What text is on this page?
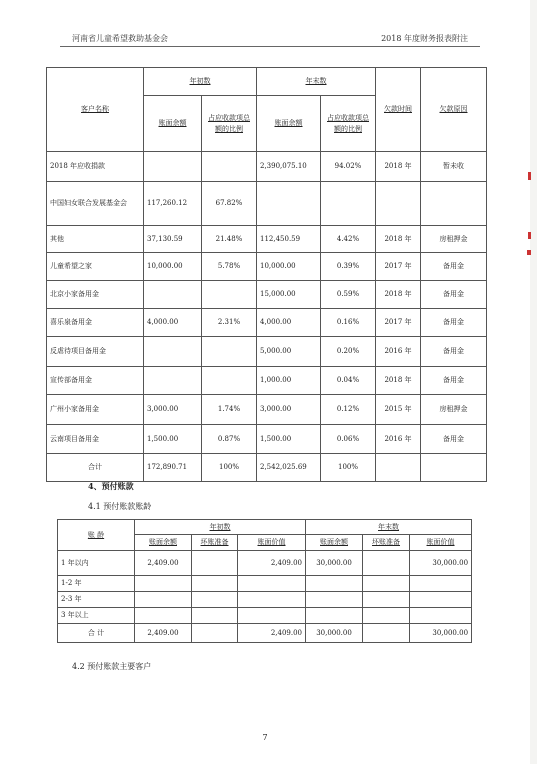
河南省儿童希望救助基金会	2018 年度财务报表附注
客户名称	年初数		年末数		欠款时间	欠款原因
	账面余额	占应收款项总额的比例	账面余额	占应收款项总额的比例		
2018 年应收捐款			2,390,075.10	94.02%	2018 年	暂未收
中国妇女联合发展基金会	117,260.12	67.82%				
其他	37,130.59	21.48%	112,450.59	4.42%	2018 年	房租押金
儿童希望之家	10,000.00	5.78%	10,000.00	0.39%	2017 年	备用金
北京小家备用金			15,000.00	0.59%	2018 年	备用金
喜乐泉备用金	4,000.00	2.31%	4,000.00	0.16%	2017 年	备用金
反虐待项目备用金			5,000.00	0.20%	2016 年	备用金
宣传部备用金			1,000.00	0.04%	2018 年	备用金
广州小家备用金	3,000.00	1.74%	3,000.00	0.12%	2015 年	房租押金
云南项目备用金	1,500.00	0.87%	1,500.00	0.06%	2016 年	备用金
合计	172,890.71	100%	2,542,025.69	100%		
4、预付账款
4.1 预付账款账龄
账 龄	年初数			年末数		
	账面余额	坏账准备	账面价值	账面余额	坏账准备	账面价值
1 年以内	2,409.00		2,409.00	30,000.00		30,000.00
1-2 年						
2-3 年						
3 年以上						
合 计	2,409.00		2,409.00	30,000.00		30,000.00
4.2 预付账款主要客户
7
